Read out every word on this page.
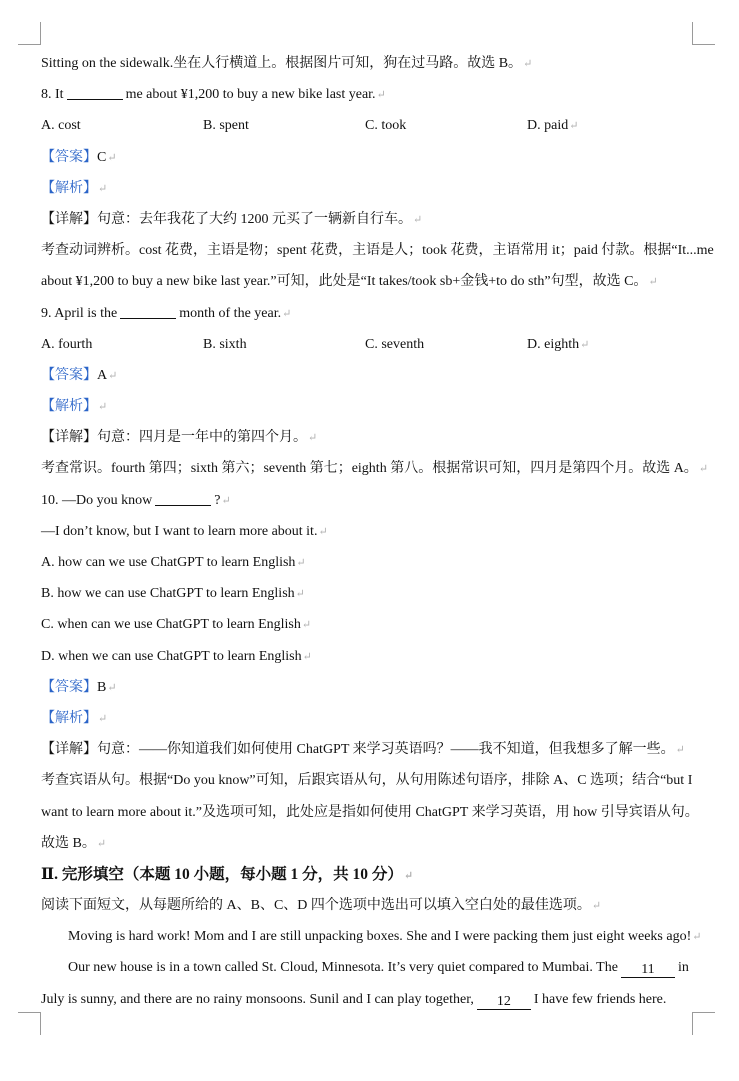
Sitting on the sidewalk.坐在人行横道上。根据图片可知，狗在过马路。故选 B。↵
8. It	me about ¥1,200 to buy a new bike last year.↵
A. cost	B. spent	C. took	D. paid↵
【答案】C↵
【解析】↵
【详解】句意：去年我花了大约 1200 元买了一辆新自行车。↵
考查动词辨析。cost 花费，主语是物；spent 花费，主语是人；took 花费，主语常用 it；paid 付款。根据“It...me
about ¥1,200 to buy a new bike last year.”可知，此处是“It takes/took sb+金钱+to do sth”句型，故选 C。↵
9. April is the	month of the year.↵
A. fourth	B. sixth	C. seventh	D. eighth↵
【答案】A↵
【解析】↵
【详解】句意：四月是一年中的第四个月。↵
考查常识。fourth 第四；sixth 第六；seventh 第七；eighth 第八。根据常识可知，四月是第四个月。故选 A。↵
10. —Do you know	?↵
—I don’t know, but I want to learn more about it.↵
A. how can we use ChatGPT to learn English↵
B. how we can use ChatGPT to learn English↵
C. when can we use ChatGPT to learn English↵
D. when we can use ChatGPT to learn English↵
【答案】B↵
【解析】↵
【详解】句意：——你知道我们如何使用 ChatGPT 来学习英语吗？——我不知道，但我想多了解一些。↵
考查宾语从句。根据“Do you know”可知，后跟宾语从句，从句用陈述句语序，排除 A、C 选项；结合“but I
want to learn more about it.”及选项可知，此处应是指如何使用 ChatGPT 来学习英语，用 how 引导宾语从句。
故选 B。↵
Ⅱ. 完形填空（本题 10 小题，每小题 1 分，共 10 分）↵
阅读下面短文，从每题所给的 A、B、C、D 四个选项中选出可以填入空白处的最佳选项。↵
Moving is hard work! Mom and I are still unpacking boxes. She and I were packing them just eight weeks ago!↵
Our new house is in a town called St. Cloud, Minnesota. It’s very quiet compared to Mumbai. The 11 in
July is sunny, and there are no rainy monsoons. Sunil and I can play together, 12 I have few friends here.
